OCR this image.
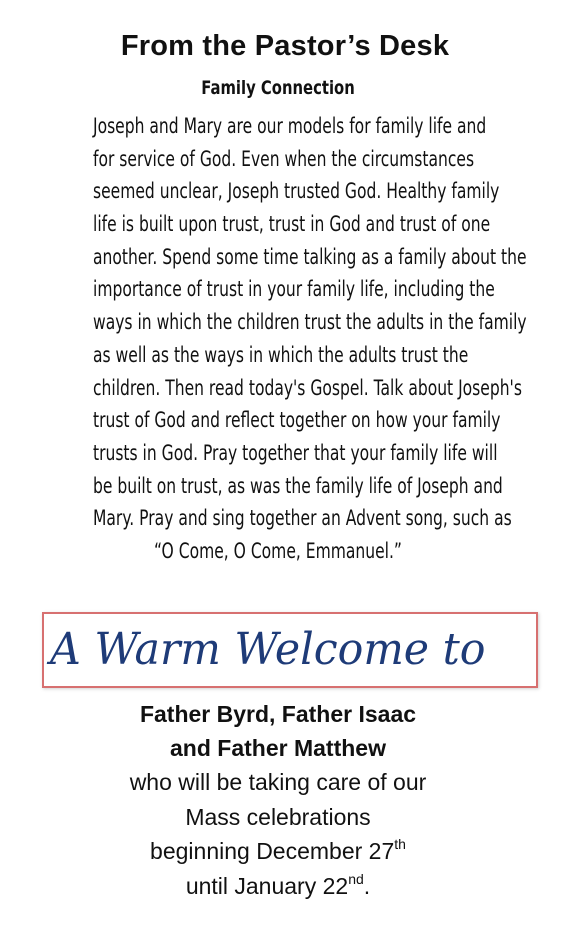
From the Pastor’s Desk
Family Connection
Joseph and Mary are our models for family life and
for service of God. Even when the circumstances
seemed unclear, Joseph trusted God. Healthy family
life is built upon trust, trust in God and trust of one
another. Spend some time talking as a family about the
importance of trust in your family life, including the
ways in which the children trust the adults in the family
as well as the ways in which the adults trust the
children. Then read today's Gospel. Talk about Joseph's
trust of God and reflect together on how your family
trusts in God. Pray together that your family life will
be built on trust, as was the family life of Joseph and
Mary. Pray and sing together an Advent song, such as
“O Come, O Come, Emmanuel.”
A Warm Welcome to
Father Byrd, Father Isaac
and Father Matthew
who will be taking care of our
Mass celebrations
beginning December 27th
until January 22nd.
